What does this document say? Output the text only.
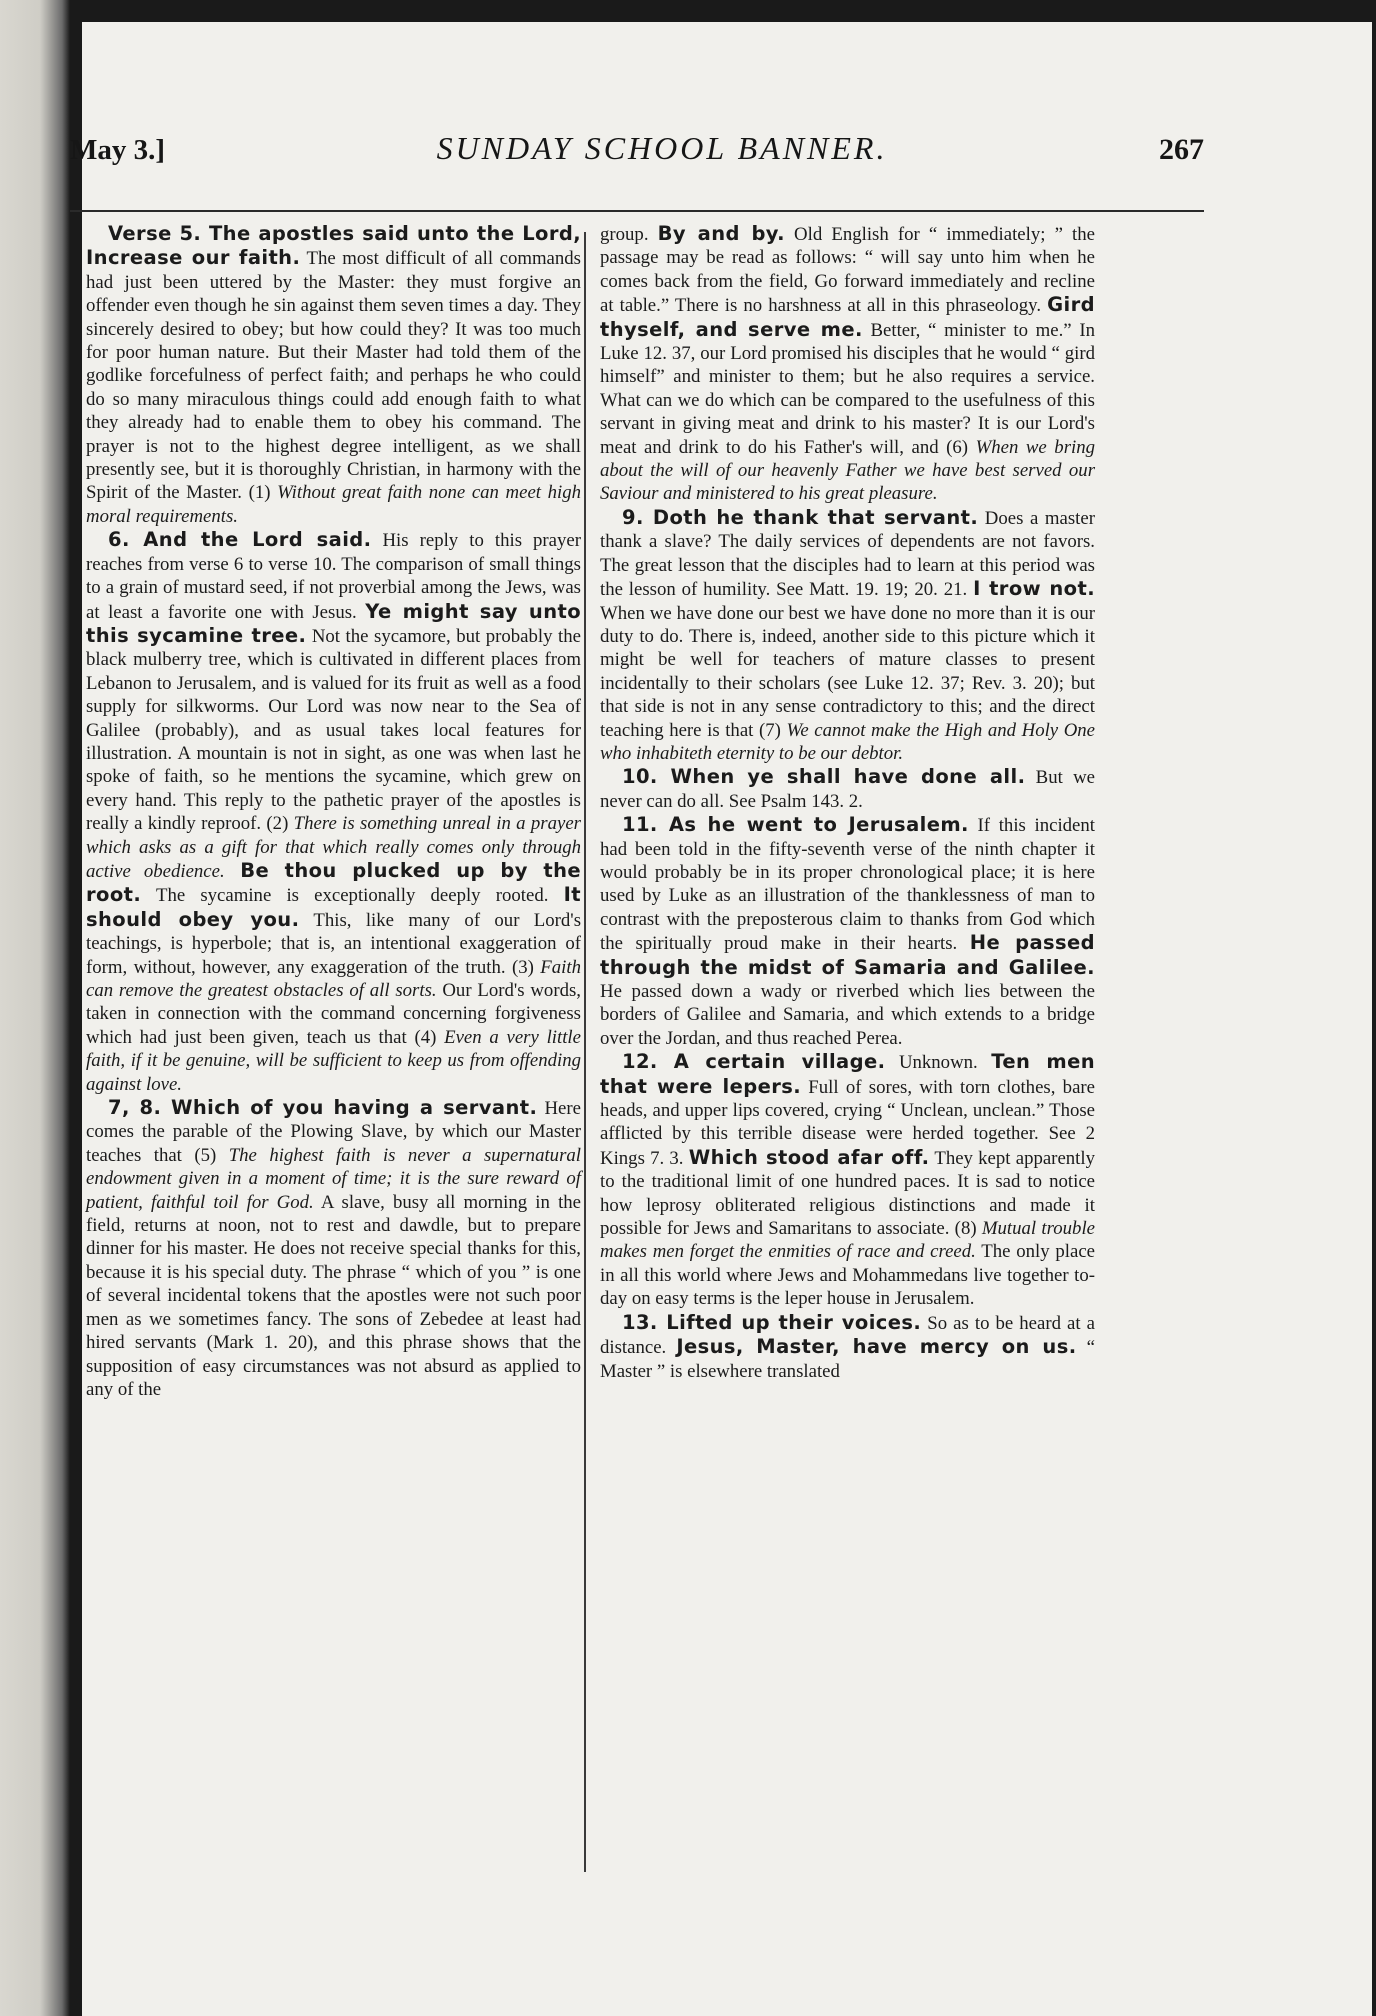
May 3.]	SUNDAY SCHOOL BANNER.	267

Verse 5. The apostles said unto the Lord, Increase our faith. The most difficult of all commands had just been uttered by the Master: they must forgive an offender even though he sin against them seven times a day. They sincerely desired to obey; but how could they? It was too much for poor human nature. But their Master had told them of the godlike forcefulness of perfect faith; and perhaps he who could do so many miraculous things could add enough faith to what they already had to enable them to obey his command. The prayer is not to the highest degree intelligent, as we shall presently see, but it is thoroughly Christian, in harmony with the Spirit of the Master. (1) Without great faith none can meet high moral requirements.

6. And the Lord said. His reply to this prayer reaches from verse 6 to verse 10. The comparison of small things to a grain of mustard seed, if not proverbial among the Jews, was at least a favorite one with Jesus. Ye might say unto this sycamine tree. Not the sycamore, but probably the black mulberry tree, which is cultivated in different places from Lebanon to Jerusalem, and is valued for its fruit as well as a food supply for silkworms. Our Lord was now near to the Sea of Galilee (probably), and as usual takes local features for illustration. A mountain is not in sight, as one was when last he spoke of faith, so he mentions the sycamine, which grew on every hand. This reply to the pathetic prayer of the apostles is really a kindly reproof. (2) There is something unreal in a prayer which asks as a gift for that which really comes only through active obedience. Be thou plucked up by the root. The sycamine is exceptionally deeply rooted. It should obey you. This, like many of our Lord's teachings, is hyperbole; that is, an intentional exaggeration of form, without, however, any exaggeration of the truth. (3) Faith can remove the greatest obstacles of all sorts. Our Lord's words, taken in connection with the command concerning forgiveness which had just been given, teach us that (4) Even a very little faith, if it be genuine, will be sufficient to keep us from offending against love.

7, 8. Which of you having a servant. Here comes the parable of the Plowing Slave, by which our Master teaches that (5) The highest faith is never a supernatural endowment given in a moment of time; it is the sure reward of patient, faithful toil for God. A slave, busy all morning in the field, returns at noon, not to rest and dawdle, but to prepare dinner for his master. He does not receive special thanks for this, because it is his special duty. The phrase “ which of you ” is one of several incidental tokens that the apostles were not such poor men as we sometimes fancy. The sons of Zebedee at least had hired servants (Mark 1. 20), and this phrase shows that the supposition of easy circumstances was not absurd as applied to any of the

group. By and by. Old English for “ immediately; ” the passage may be read as follows: “ will say unto him when he comes back from the field, Go forward immediately and recline at table.” There is no harshness at all in this phraseology. Gird thyself, and serve me. Better, “ minister to me.” In Luke 12. 37, our Lord promised his disciples that he would “ gird himself” and minister to them; but he also requires a service. What can we do which can be compared to the usefulness of this servant in giving meat and drink to his master? It is our Lord's meat and drink to do his Father's will, and (6) When we bring about the will of our heavenly Father we have best served our Saviour and ministered to his great pleasure.

9. Doth he thank that servant. Does a master thank a slave? The daily services of dependents are not favors. The great lesson that the disciples had to learn at this period was the lesson of humility. See Matt. 19. 19; 20. 21. I trow not. When we have done our best we have done no more than it is our duty to do. There is, indeed, another side to this picture which it might be well for teachers of mature classes to present incidentally to their scholars (see Luke 12. 37; Rev. 3. 20); but that side is not in any sense contradictory to this; and the direct teaching here is that (7) We cannot make the High and Holy One who inhabiteth eternity to be our debtor.

10. When ye shall have done all. But we never can do all. See Psalm 143. 2.

11. As he went to Jerusalem. If this incident had been told in the fifty-seventh verse of the ninth chapter it would probably be in its proper chronological place; it is here used by Luke as an illustration of the thanklessness of man to contrast with the preposterous claim to thanks from God which the spiritually proud make in their hearts. He passed through the midst of Samaria and Galilee. He passed down a wady or riverbed which lies between the borders of Galilee and Samaria, and which extends to a bridge over the Jordan, and thus reached Perea.

12. A certain village. Unknown. Ten men that were lepers. Full of sores, with torn clothes, bare heads, and upper lips covered, crying “ Unclean, unclean.” Those afflicted by this terrible disease were herded together. See 2 Kings 7. 3. Which stood afar off. They kept apparently to the traditional limit of one hundred paces. It is sad to notice how leprosy obliterated religious distinctions and made it possible for Jews and Samaritans to associate. (8) Mutual trouble makes men forget the enmities of race and creed. The only place in all this world where Jews and Mohammedans live together to-day on easy terms is the leper house in Jerusalem.

13. Lifted up their voices. So as to be heard at a distance. Jesus, Master, have mercy on us. “ Master ” is elsewhere translated
